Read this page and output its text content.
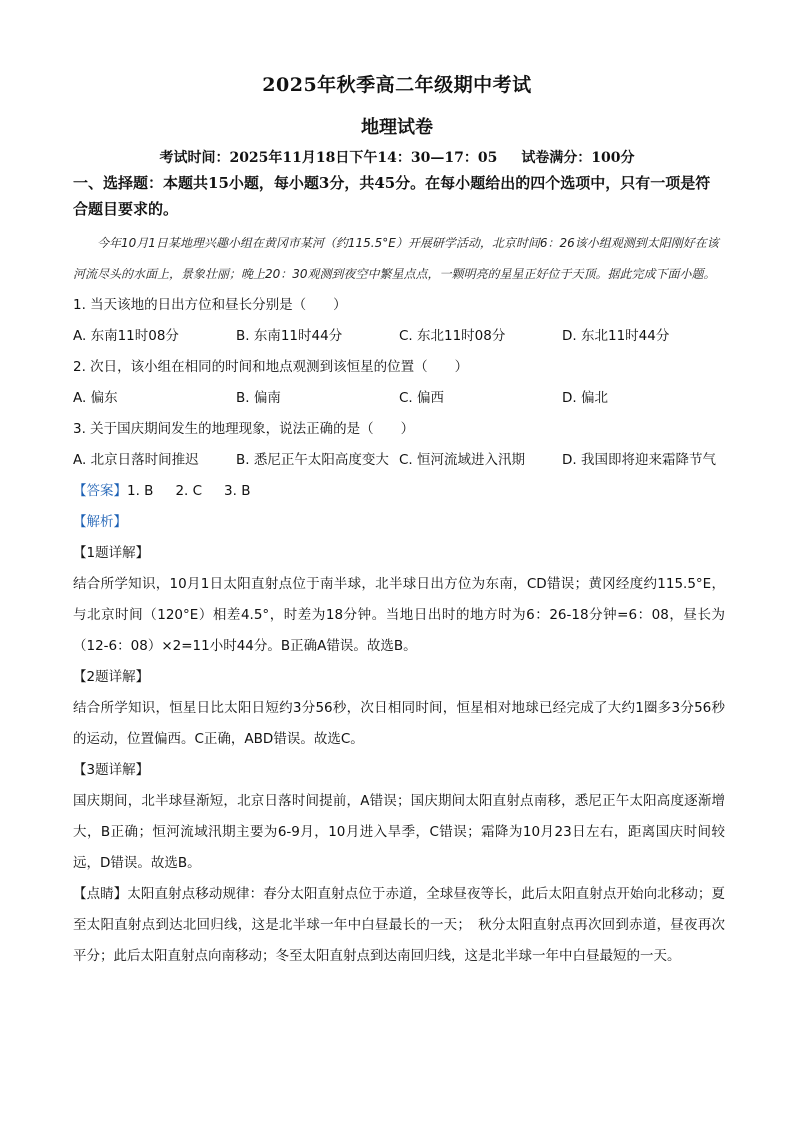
2025年秋季高二年级期中考试
地理试卷
考试时间：2025年11月18日下午14：30—17：05 试卷满分：100分
一、选择题：本题共15小题，每小题3分，共45分。在每小题给出的四个选项中，只有一项是符合题目要求的。
今年10月1日某地理兴趣小组在黄冈市某河（约115.5°E）开展研学活动，北京时间6：26该小组观测到太阳刚好在该河流尽头的水面上，景象壮丽；晚上20：30观测到夜空中繁星点点，一颗明亮的星星正好位于天顶。据此完成下面小题。
1. 当天该地的日出方位和昼长分别是（　　）
A. 东南11时08分	B. 东南11时44分	C. 东北11时08分	D. 东北11时44分
2. 次日，该小组在相同的时间和地点观测到该恒星的位置（　　）
A. 偏东	B. 偏南	C. 偏西	D. 偏北
3. 关于国庆期间发生的地理现象，说法正确的是（　　）
A. 北京日落时间推迟	B. 悉尼正午太阳高度变大 C. 恒河流域进入汛期	D. 我国即将迎来霜降节气
【答案】1. B 2. C 3. B
【解析】
【1题详解】
结合所学知识，10月1日太阳直射点位于南半球，北半球日出方位为东南，CD错误；黄冈经度约115.5°E，与北京时间（120°E）相差4.5°，时差为18分钟。当地日出时的地方时为6：26-18分钟=6：08，昼长为（12-6：08）×2=11小时44分。B正确A错误。故选B。
【2题详解】
结合所学知识，恒星日比太阳日短约3分56秒，次日相同时间，恒星相对地球已经完成了大约1圈多3分56秒的运动，位置偏西。C正确，ABD错误。故选C。
【3题详解】
国庆期间，北半球昼渐短，北京日落时间提前，A错误；国庆期间太阳直射点南移，悉尼正午太阳高度逐渐增大，B正确；恒河流域汛期主要为6-9月，10月进入旱季，C错误；霜降为10月23日左右，距离国庆时间较远，D错误。故选B。
【点睛】太阳直射点移动规律：春分太阳直射点位于赤道，全球昼夜等长，此后太阳直射点开始向北移动；夏至太阳直射点到达北回归线，这是北半球一年中白昼最长的一天；　秋分太阳直射点再次回到赤道，昼夜再次平分；此后太阳直射点向南移动；冬至太阳直射点到达南回归线，这是北半球一年中白昼最短的一天。
